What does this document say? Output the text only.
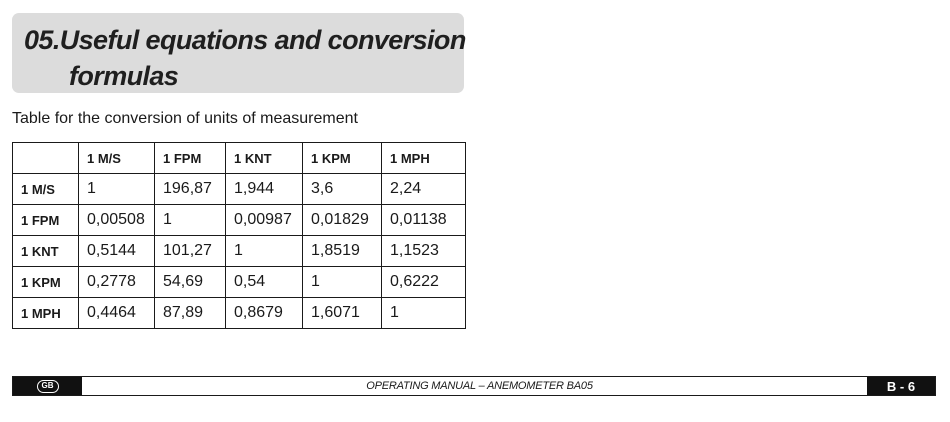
05.Useful equations and conversion
formulas
Table for the conversion of units of measurement
	1 M/S	1 FPM	1 KNT	1 KPM	1 MPH
1 M/S	1	196,87	1,944	3,6	2,24
1 FPM	0,00508	1	0,00987	0,01829	0,01138
1 KNT	0,5144	101,27	1	1,8519	1,1523
1 KPM	0,2778	54,69	0,54	1	0,6222
1 MPH	0,4464	87,89	0,8679	1,6071	1
GB	OPERATING MANUAL – ANEMOMETER BA05	B - 6
